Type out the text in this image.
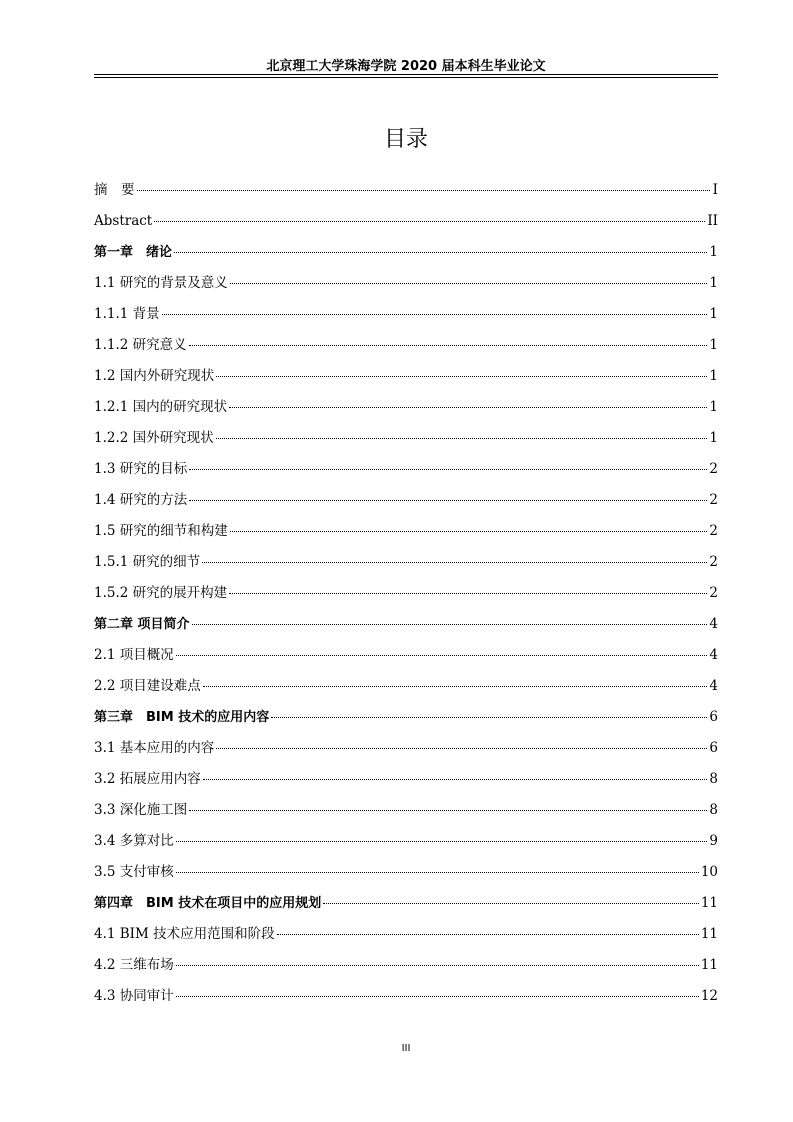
北京理工大学珠海学院 2020 届本科生毕业论文
目录
摘　要	I
Abstract	II
第一章　绪论	1
1.1 研究的背景及意义	1
1.1.1 背景	1
1.1.2 研究意义	1
1.2 国内外研究现状	1
1.2.1 国内的研究现状	1
1.2.2 国外研究现状	1
1.3 研究的目标	2
1.4 研究的方法	2
1.5 研究的细节和构建	2
1.5.1 研究的细节	2
1.5.2 研究的展开构建	2
第二章 项目简介	4
2.1 项目概况	4
2.2 项目建设难点	4
第三章　BIM 技术的应用内容	6
3.1 基本应用的内容	6
3.2 拓展应用内容	8
3.3 深化施工图	8
3.4 多算对比	9
3.5 支付审核	10
第四章　BIM 技术在项目中的应用规划	11
4.1 BIM 技术应用范围和阶段	11
4.2 三维布场	11
4.3 协同审计	12
III
